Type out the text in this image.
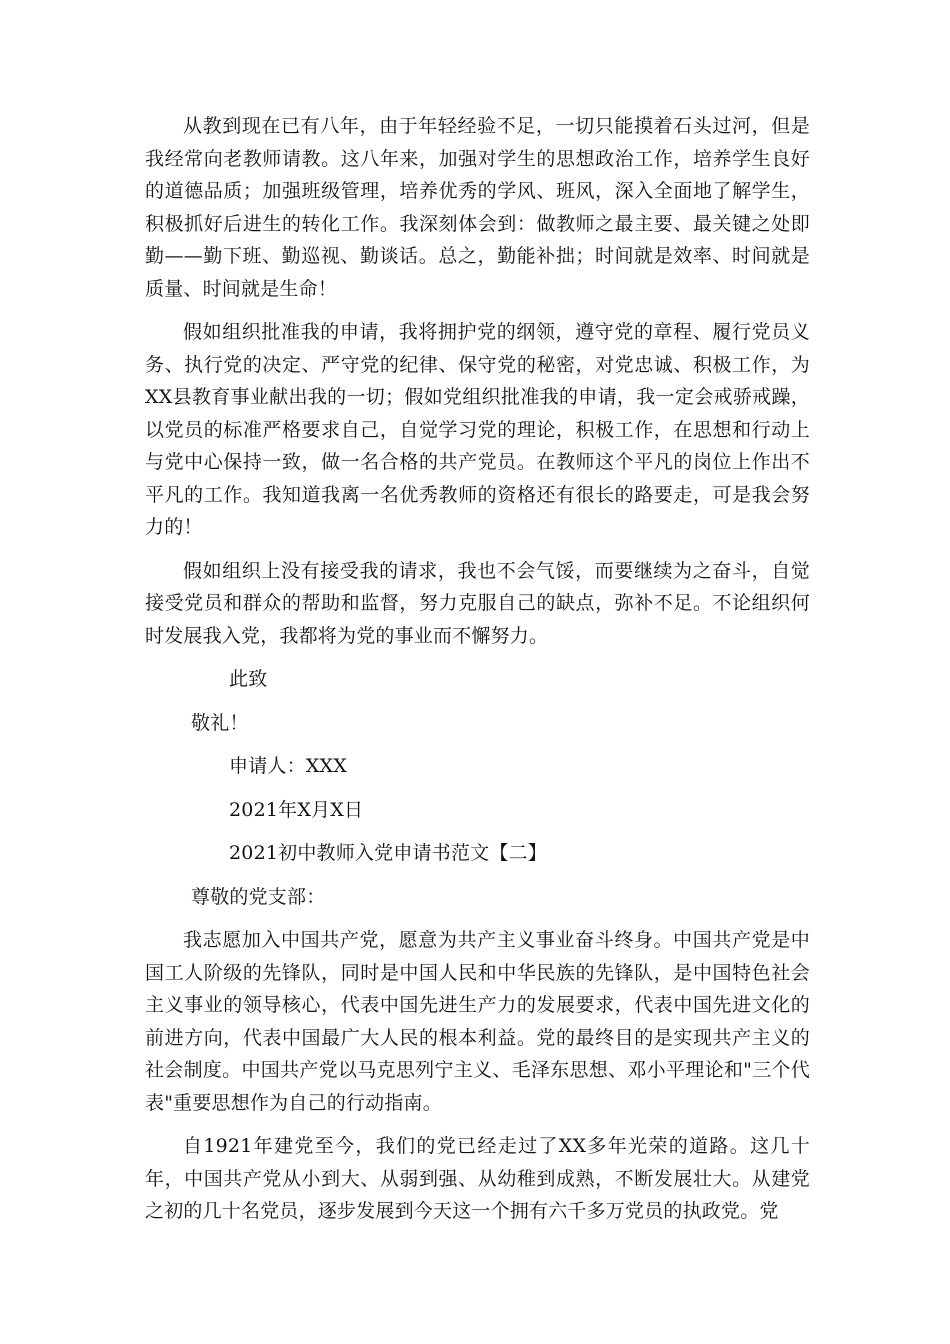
从教到现在已有八年，由于年轻经验不足，一切只能摸着石头过河，但是我经常向老教师请教。这八年来，加强对学生的思想政治工作，培养学生良好的道德品质；加强班级管理，培养优秀的学风、班风，深入全面地了解学生，积极抓好后进生的转化工作。我深刻体会到：做教师之最主要、最关键之处即勤——勤下班、勤巡视、勤谈话。总之，勤能补拙；时间就是效率、时间就是质量、时间就是生命！

假如组织批准我的申请，我将拥护党的纲领，遵守党的章程、履行党员义务、执行党的决定、严守党的纪律、保守党的秘密，对党忠诚、积极工作，为XX县教育事业献出我的一切；假如党组织批准我的申请，我一定会戒骄戒躁，以党员的标准严格要求自己，自觉学习党的理论，积极工作，在思想和行动上与党中心保持一致，做一名合格的共产党员。在教师这个平凡的岗位上作出不平凡的工作。我知道我离一名优秀教师的资格还有很长的路要走，可是我会努力的！

假如组织上没有接受我的请求，我也不会气馁，而要继续为之奋斗，自觉接受党员和群众的帮助和监督，努力克服自己的缺点，弥补不足。不论组织何时发展我入党，我都将为党的事业而不懈努力。

此致
敬礼！
申请人：XXX
2021年X月X日
2021初中教师入党申请书范文【二】
尊敬的党支部：

我志愿加入中国共产党，愿意为共产主义事业奋斗终身。中国共产党是中国工人阶级的先锋队，同时是中国人民和中华民族的先锋队，是中国特色社会主义事业的领导核心，代表中国先进生产力的发展要求，代表中国先进文化的前进方向，代表中国最广大人民的根本利益。党的最终目的是实现共产主义的社会制度。中国共产党以马克思列宁主义、毛泽东思想、邓小平理论和"三个代表"重要思想作为自己的行动指南。

自1921年建党至今，我们的党已经走过了XX多年光荣的道路。这几十年，中国共产党从小到大、从弱到强、从幼稚到成熟，不断发展壮大。从建党之初的几十名党员，逐步发展到今天这一个拥有六千多万党员的执政党。党
